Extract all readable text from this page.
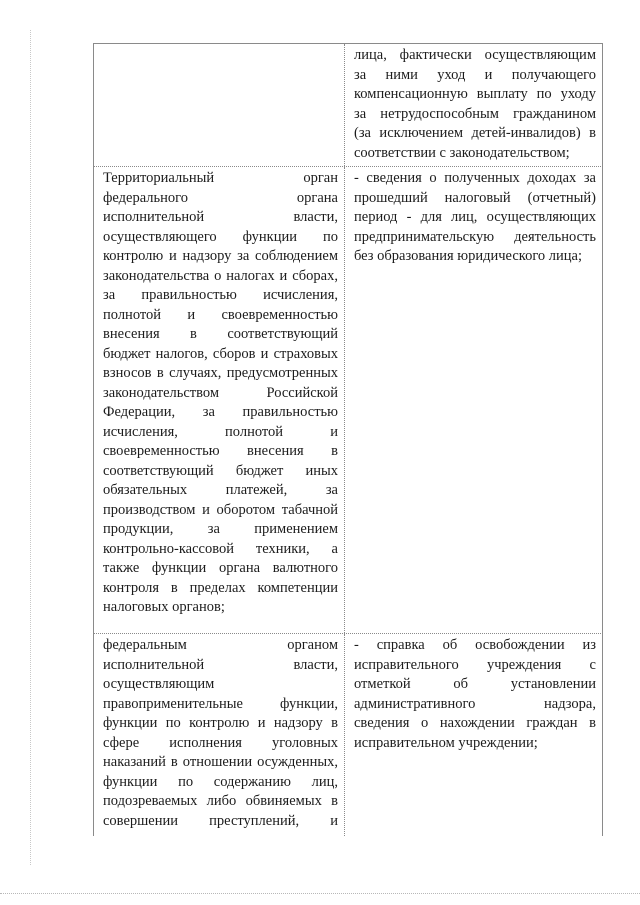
лица, фактически осуществляющим
за ними уход и получающего
компенсационную выплату по уходу
за нетрудоспособным гражданином
(за исключением детей-инвалидов) в
соответствии с законодательством;
Территориальный орган
федерального органа
исполнительной власти,
осуществляющего функции по
контролю и надзору за соблюдением
законодательства о налогах и сборах,
за правильностью исчисления,
полнотой и своевременностью
внесения в соответствующий
бюджет налогов, сборов и страховых
взносов в случаях, предусмотренных
законодательством Российской
Федерации, за правильностью
исчисления, полнотой и
своевременностью внесения в
соответствующий бюджет иных
обязательных платежей, за
производством и оборотом табачной
продукции, за применением
контрольно-кассовой техники, а
также функции органа валютного
контроля в пределах компетенции
налоговых органов;
- сведения о полученных доходах за
прошедший налоговый (отчетный)
период - для лиц, осуществляющих
предпринимательскую деятельность
без образования юридического лица;
федеральным органом
исполнительной власти,
осуществляющим
правоприменительные функции,
функции по контролю и надзору в
сфере исполнения уголовных
наказаний в отношении осужденных,
функции по содержанию лиц,
подозреваемых либо обвиняемых в
совершении преступлений, и
- справка об освобождении из
исправительного учреждения с
отметкой об установлении
административного надзора,
сведения о нахождении граждан в
исправительном учреждении;
